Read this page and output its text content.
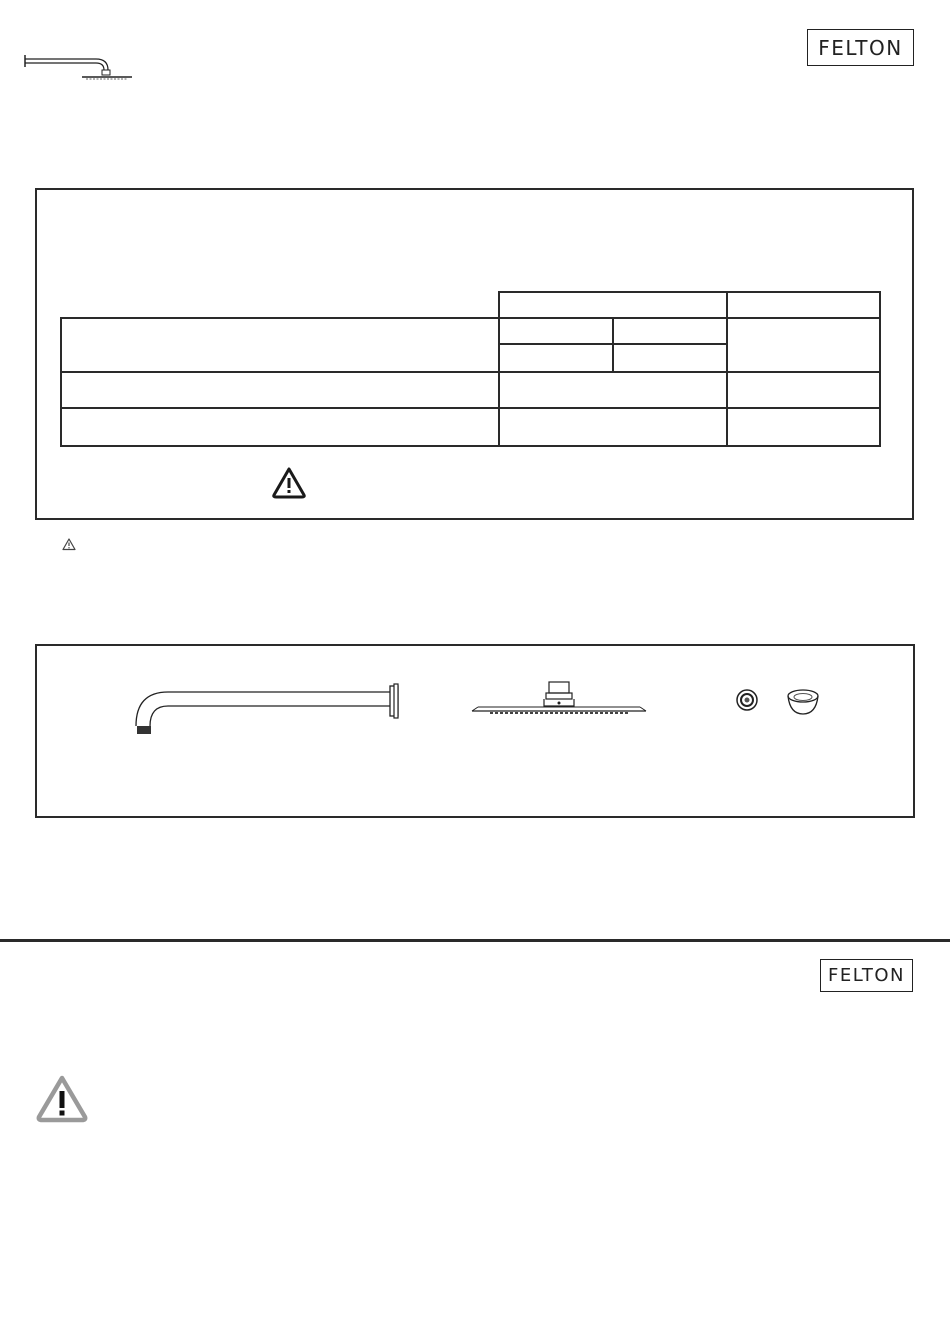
FELTON
FELTON
